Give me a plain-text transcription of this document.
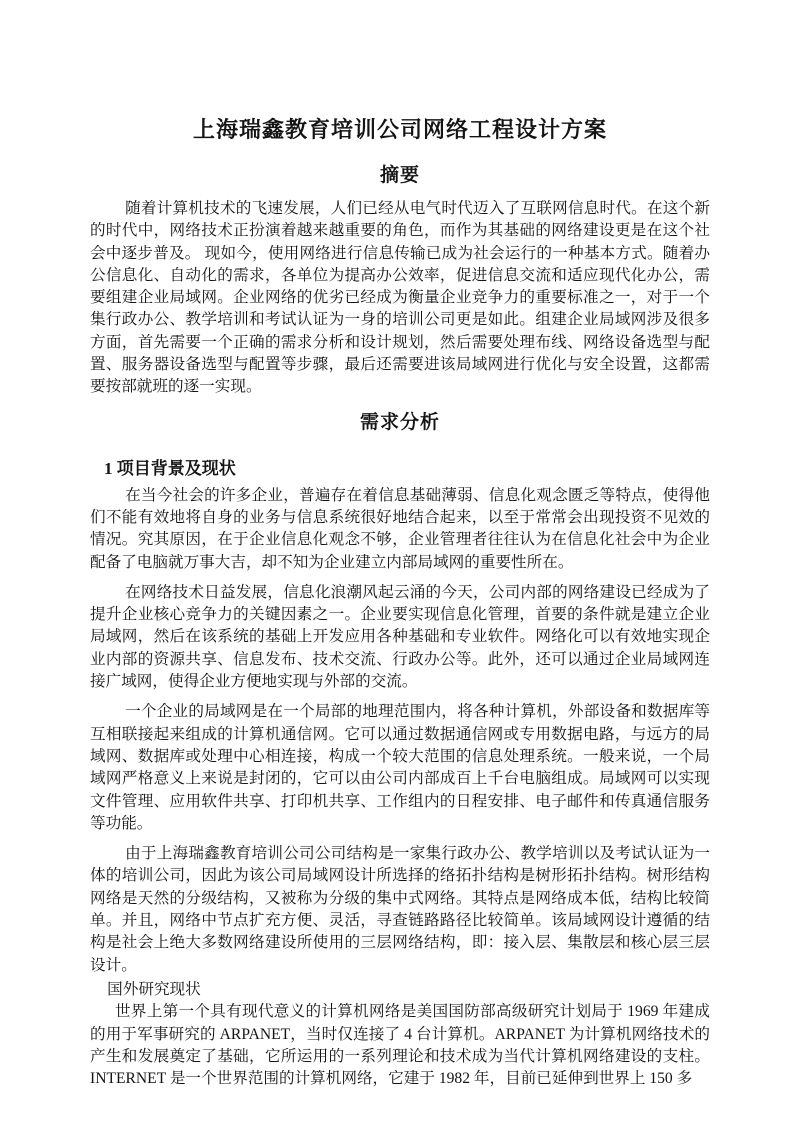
上海瑞鑫教育培训公司网络工程设计方案
摘要

随着计算机技术的飞速发展，人们已经从电气时代迈入了互联网信息时代。在这个新的时代中，网络技术正扮演着越来越重要的角色，而作为其基础的网络建设更是在这个社会中逐步普及。 现如今，使用网络进行信息传输已成为社会运行的一种基本方式。随着办公信息化、自动化的需求，各单位为提高办公效率，促进信息交流和适应现代化办公，需要组建企业局域网。企业网络的优劣已经成为衡量企业竞争力的重要标准之一，对于一个集行政办公、教学培训和考试认证为一身的培训公司更是如此。组建企业局域网涉及很多方面，首先需要一个正确的需求分析和设计规划，然后需要处理布线、网络设备选型与配置、服务器设备选型与配置等步骤，最后还需要进该局域网进行优化与安全设置，这都需要按部就班的逐一实现。

需求分析
1 项目背景及现状

在当今社会的许多企业，普遍存在着信息基础薄弱、信息化观念匮乏等特点，使得他们不能有效地将自身的业务与信息系统很好地结合起来，以至于常常会出现投资不见效的情况。究其原因，在于企业信息化观念不够，企业管理者往往认为在信息化社会中为企业配备了电脑就万事大吉，却不知为企业建立内部局域网的重要性所在。

在网络技术日益发展，信息化浪潮风起云涌的今天，公司内部的网络建设已经成为了提升企业核心竞争力的关键因素之一。企业要实现信息化管理，首要的条件就是建立企业局域网，然后在该系统的基础上开发应用各种基础和专业软件。网络化可以有效地实现企业内部的资源共享、信息发布、技术交流、行政办公等。此外，还可以通过企业局域网连接广域网，使得企业方便地实现与外部的交流。

一个企业的局域网是在一个局部的地理范围内，将各种计算机，外部设备和数据库等互相联接起来组成的计算机通信网。它可以通过数据通信网或专用数据电路，与远方的局域网、数据库或处理中心相连接，构成一个较大范围的信息处理系统。一般来说，一个局域网严格意义上来说是封闭的，它可以由公司内部成百上千台电脑组成。局域网可以实现文件管理、应用软件共享、打印机共享、工作组内的日程安排、电子邮件和传真通信服务等功能。

由于上海瑞鑫教育培训公司公司结构是一家集行政办公、教学培训以及考试认证为一体的培训公司，因此为该公司局域网设计所选择的络拓扑结构是树形拓扑结构。树形结构网络是天然的分级结构，又被称为分级的集中式网络。其特点是网络成本低，结构比较简单。并且，网络中节点扩充方便、灵活，寻查链路路径比较简单。该局域网设计遵循的结构是社会上绝大多数网络建设所使用的三层网络结构，即：接入层、集散层和核心层三层设计。

国外研究现状

世界上第一个具有现代意义的计算机网络是美国国防部高级研究计划局于 1969 年建成的用于军事研究的 ARPANET，当时仅连接了 4 台计算机。ARPANET 为计算机网络技术的产生和发展奠定了基础，它所运用的一系列理论和技术成为当代计算机网络建设的支柱。 INTERNET 是一个世界范围的计算机网络，它建于 1982 年，目前已延伸到世界上 150 多
